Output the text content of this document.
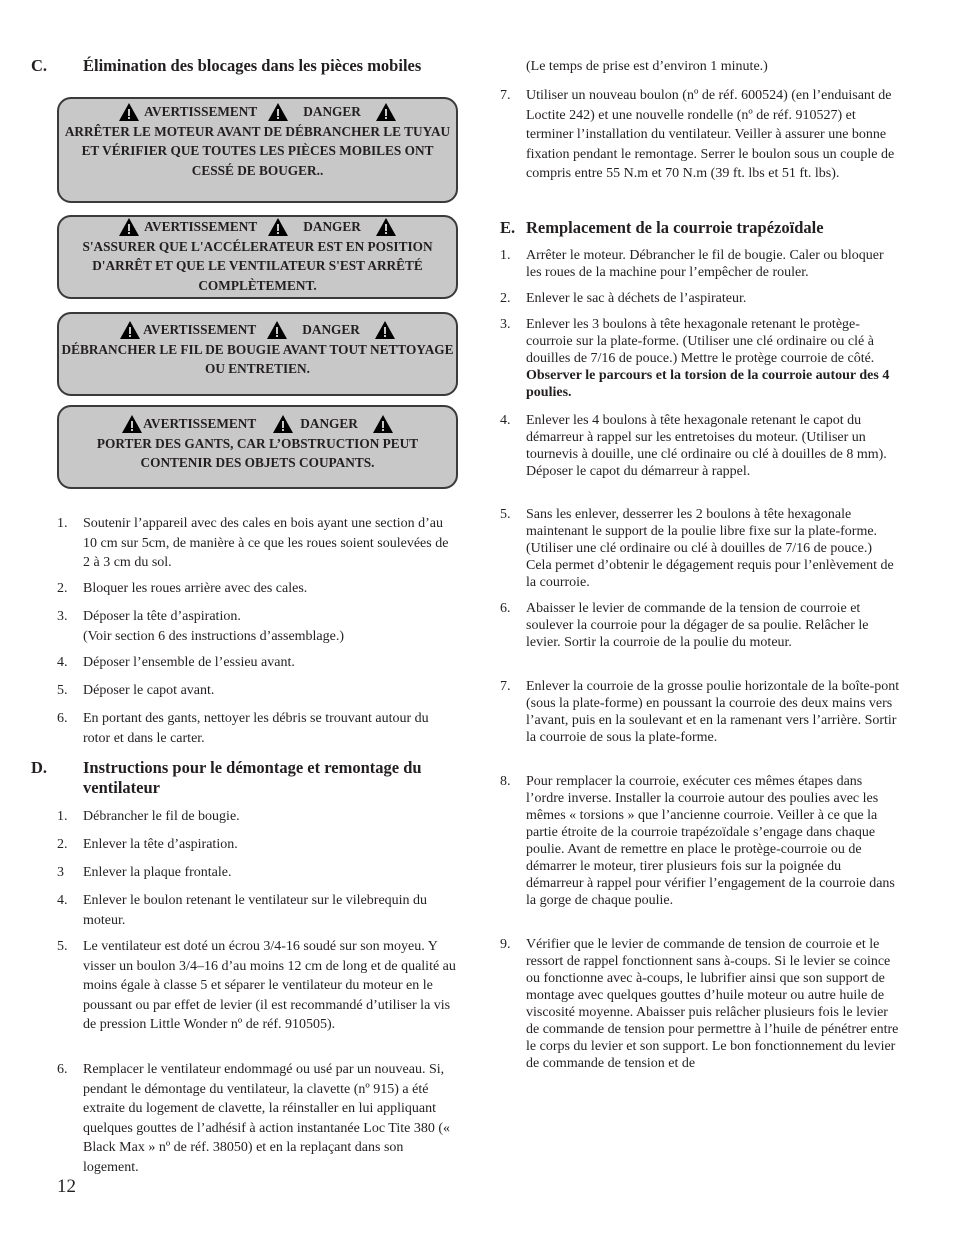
C. Élimination des blocages dans les pièces mobiles
AVERTISSEMENT	DANGER
ARRÊTER LE MOTEUR AVANT DE DÉBRANCHER LE TUYAU ET VÉRIFIER QUE TOUTES LES PIÈCES MOBILES ONT CESSÉ DE BOUGER..
AVERTISSEMENT	DANGER
S'ASSURER QUE L'ACCÉLERATEUR EST EN POSITION D'ARRÊT ET QUE LE VENTILATEUR S'EST ARRÊTÉ COMPLÈTEMENT.
AVERTISSEMENT	DANGER
DÉBRANCHER LE FIL DE BOUGIE AVANT TOUT NETTOYAGE OU ENTRETIEN.
AVERTISSEMENT	DANGER
PORTER DES GANTS, CAR L’OBSTRUCTION PEUT CONTENIR DES OBJETS COUPANTS.
1.	Soutenir l’appareil avec des cales en bois ayant une section d’au 10 cm sur 5cm, de manière à ce que les roues soient soulevées de 2 à 3 cm du sol.
2.	Bloquer les roues arrière avec des cales.
3.	Déposer la tête d’aspiration.
(Voir section 6 des instructions d’assemblage.)
4.	Déposer l’ensemble de l’essieu avant.
5.	Déposer le capot avant.
6.	En portant des gants, nettoyer les débris se trouvant autour du rotor et dans le carter.
D. Instructions pour le démontage et remontage du ventilateur
1.	Débrancher le fil de bougie.
2.	Enlever la tête d’aspiration.
3	Enlever la plaque frontale.
4.	Enlever le boulon retenant le ventilateur sur le vilebrequin du moteur.
5.	Le ventilateur est doté un écrou 3/4-16 soudé sur son moyeu. Y visser un boulon 3/4–16 d’au moins 12 cm de long et de qualité au moins égale à classe 5 et séparer le ventilateur du moteur en le poussant ou par effet de levier (il est recommandé d’utiliser la vis de pression Little Wonder nº de réf. 910505).
6.	Remplacer le ventilateur endommagé ou usé par un nouveau. Si, pendant le démontage du ventilateur, la clavette (nº 915) a été extraite du logement de clavette, la réinstaller en lui appliquant quelques gouttes de l’adhésif à action instantanée Loc Tite 380 (« Black Max » nº de réf. 38050) et en la replaçant dans son logement.
(Le temps de prise est d’environ 1 minute.)
7.	Utiliser un nouveau boulon (nº de réf. 600524) (en l’enduisant de Loctite 242) et une nouvelle rondelle (nº de réf. 910527) et terminer l’installation du ventilateur. Veiller à assurer une bonne fixation pendant le remontage. Serrer le boulon sous un couple de compris entre 55 N.m et 70 N.m (39 ft. lbs et 51 ft. lbs).
E. Remplacement de la courroie trapézoïdale
1.	Arrêter le moteur. Débrancher le fil de bougie. Caler ou bloquer les roues de la machine pour l’empêcher de rouler.
2.	Enlever le sac à déchets de l’aspirateur.
3.	Enlever les 3 boulons à tête hexagonale retenant le protège-courroie sur la plate-forme. (Utiliser une clé ordinaire ou clé à douilles de 7/16 de pouce.) Mettre le protège courroie de côté. Observer le parcours et la torsion de la courroie autour des 4 poulies.
4.	Enlever les 4 boulons à tête hexagonale retenant le capot du démarreur à rappel sur les entretoises du moteur. (Utiliser un tournevis à douille, une clé ordinaire ou clé à douilles de 8 mm). Déposer le capot du démarreur à rappel.
5.	Sans les enlever, desserrer les 2 boulons à tête hexagonale maintenant le support de la poulie libre fixe sur la plate-forme. (Utiliser une clé ordinaire ou clé à douilles de 7/16 de pouce.) Cela permet d’obtenir le dégagement requis pour l’enlèvement de la courroie.
6.	Abaisser le levier de commande de la tension de courroie et soulever la courroie pour la dégager de sa poulie. Relâcher le levier. Sortir la courroie de la poulie du moteur.
7.	Enlever la courroie de la grosse poulie horizontale de la boîte-pont (sous la plate-forme) en poussant la courroie des deux mains vers l’avant, puis en la soulevant et en la ramenant vers l’arrière. Sortir la courroie de sous la plate-forme.
8.	Pour remplacer la courroie, exécuter ces mêmes étapes dans l’ordre inverse. Installer la courroie autour des poulies avec les mêmes « torsions » que l’ancienne courroie. Veiller à ce que la partie étroite de la courroie trapézoïdale s’engage dans chaque poulie. Avant de remettre en place le protège-courroie ou de démarrer le moteur, tirer plusieurs fois sur la poignée du démarreur à rappel pour vérifier l’engagement de la courroie dans la gorge de chaque poulie.
9.	Vérifier que le levier de commande de tension de courroie et le ressort de rappel fonctionnent sans à-coups. Si le levier se coince ou fonctionne avec à-coups, le lubrifier ainsi que son support de montage avec quelques gouttes d’huile moteur ou autre huile de viscosité moyenne. Abaisser puis relâcher plusieurs fois le levier de commande de tension pour permettre à l’huile de pénétrer entre le corps du levier et son support. Le bon fonctionnement du levier de commande de tension et de
12
